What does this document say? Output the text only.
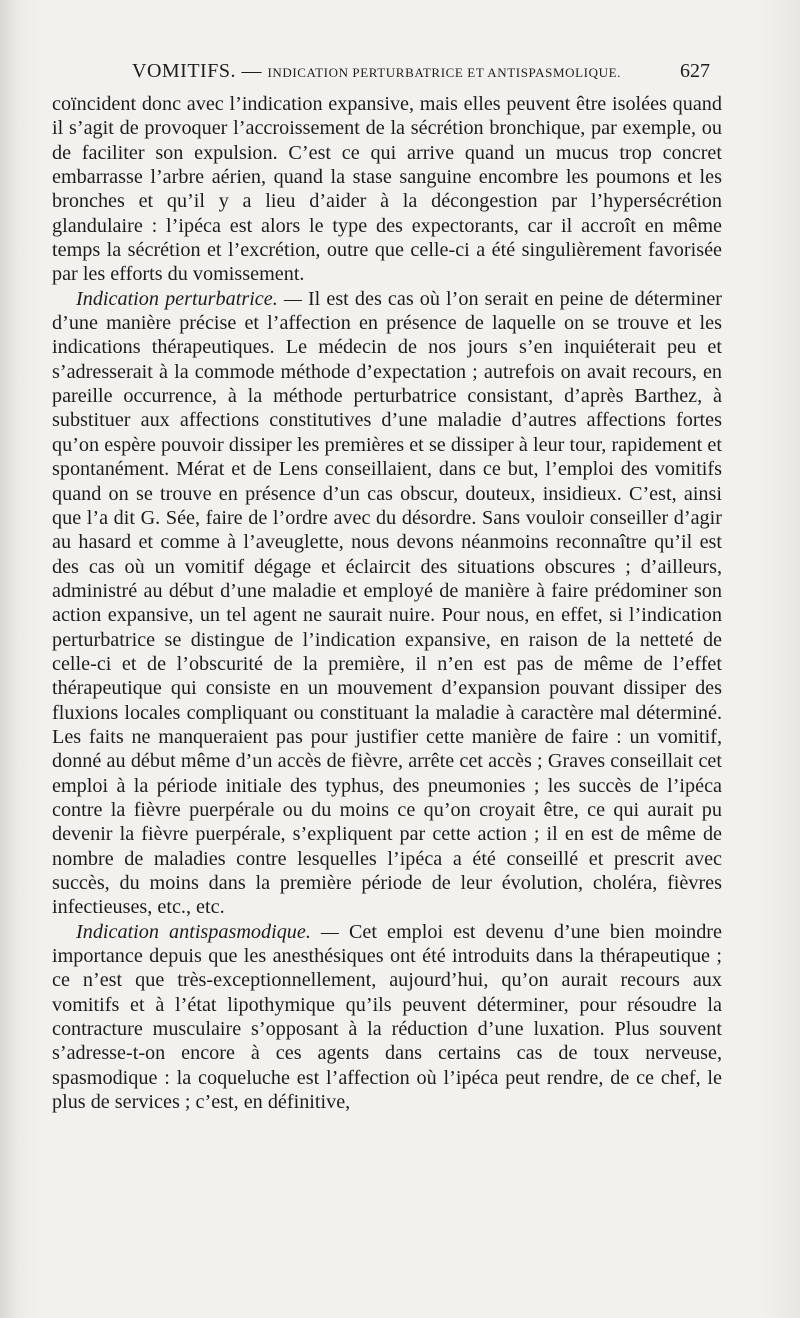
VOMITIFS. — INDICATION PERTURBATRICE ET ANTISPASMOLIQUE.	627

coïncident donc avec l’indication expansive, mais elles peuvent être isolées quand il s’agit de provoquer l’accroissement de la sécrétion bronchique, par exemple, ou de faciliter son expulsion. C’est ce qui arrive quand un mucus trop concret embarrasse l’arbre aérien, quand la stase sanguine encombre les poumons et les bronches et qu’il y a lieu d’aider à la décongestion par l’hypersécrétion glandulaire : l’ipéca est alors le type des expectorants, car il accroît en même temps la sécrétion et l’excrétion, outre que celle-ci a été singulièrement favorisée par les efforts du vomissement.

Indication perturbatrice. — Il est des cas où l’on serait en peine de déterminer d’une manière précise et l’affection en présence de laquelle on se trouve et les indications thérapeutiques. Le médecin de nos jours s’en inquiéterait peu et s’adresserait à la commode méthode d’expectation ; autrefois on avait recours, en pareille occurrence, à la méthode perturbatrice consistant, d’après Barthez, à substituer aux affections constitutives d’une maladie d’autres affections fortes qu’on espère pouvoir dissiper les premières et se dissiper à leur tour, rapidement et spontanément. Mérat et de Lens conseillaient, dans ce but, l’emploi des vomitifs quand on se trouve en présence d’un cas obscur, douteux, insidieux. C’est, ainsi que l’a dit G. Sée, faire de l’ordre avec du désordre. Sans vouloir conseiller d’agir au hasard et comme à l’aveuglette, nous devons néanmoins reconnaître qu’il est des cas où un vomitif dégage et éclaircit des situations obscures ; d’ailleurs, administré au début d’une maladie et employé de manière à faire prédominer son action expansive, un tel agent ne saurait nuire. Pour nous, en effet, si l’indication perturbatrice se distingue de l’indication expansive, en raison de la netteté de celle-ci et de l’obscurité de la première, il n’en est pas de même de l’effet thérapeutique qui consiste en un mouvement d’expansion pouvant dissiper des fluxions locales compliquant ou constituant la maladie à caractère mal déterminé. Les faits ne manqueraient pas pour justifier cette manière de faire : un vomitif, donné au début même d’un accès de fièvre, arrête cet accès ; Graves conseillait cet emploi à la période initiale des typhus, des pneumonies ; les succès de l’ipéca contre la fièvre puerpérale ou du moins ce qu’on croyait être, ce qui aurait pu devenir la fièvre puerpérale, s’expliquent par cette action ; il en est de même de nombre de maladies contre lesquelles l’ipéca a été conseillé et prescrit avec succès, du moins dans la première période de leur évolution, choléra, fièvres infectieuses, etc., etc.

Indication antispasmodique. — Cet emploi est devenu d’une bien moindre importance depuis que les anesthésiques ont été introduits dans la thérapeutique ; ce n’est que très-exceptionnellement, aujourd’hui, qu’on aurait recours aux vomitifs et à l’état lipothymique qu’ils peuvent déterminer, pour résoudre la contracture musculaire s’opposant à la réduction d’une luxation. Plus souvent s’adresse-t-on encore à ces agents dans certains cas de toux nerveuse, spasmodique : la coqueluche est l’affection où l’ipéca peut rendre, de ce chef, le plus de services ; c’est, en définitive,
